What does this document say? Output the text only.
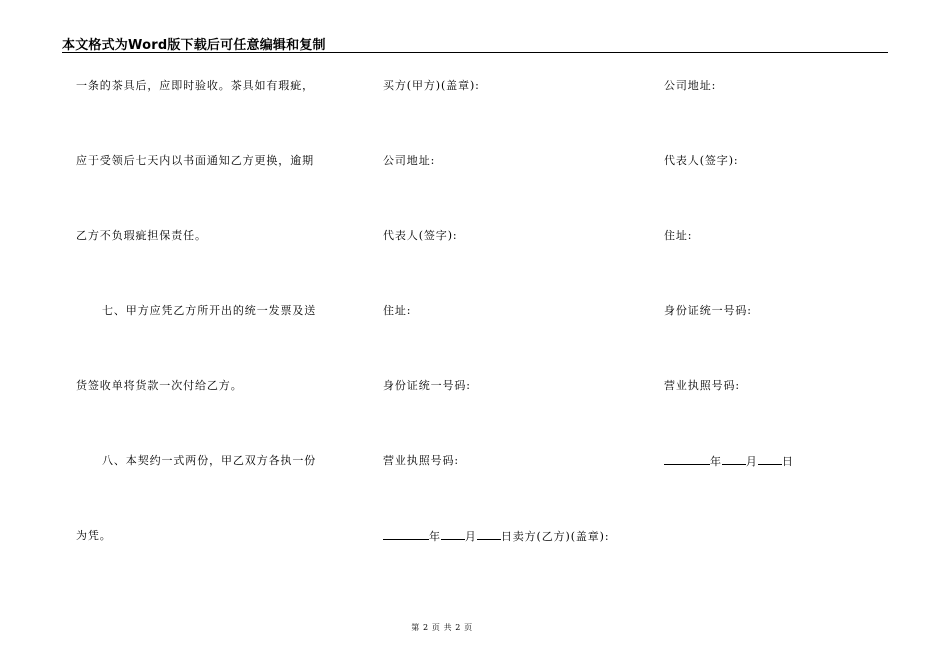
本文格式为Word版下载后可任意编辑和复制
一条的茶具后，应即时验收。茶具如有瑕疵，
应于受领后七天内以书面通知乙方更换，逾期
乙方不负瑕疵担保责任。
七、甲方应凭乙方所开出的统一发票及送
货签收单将货款一次付给乙方。
八、本契约一式两份，甲乙双方各执一份
为凭。
买方(甲方)(盖章):
公司地址:
代表人(签字):
住址:
身份证统一号码:
营业执照号码:
年 月 日卖方(乙方)(盖章):
公司地址:
代表人(签字):
住址:
身份证统一号码:
营业执照号码:
年 月 日
第 2 页 共 2 页
